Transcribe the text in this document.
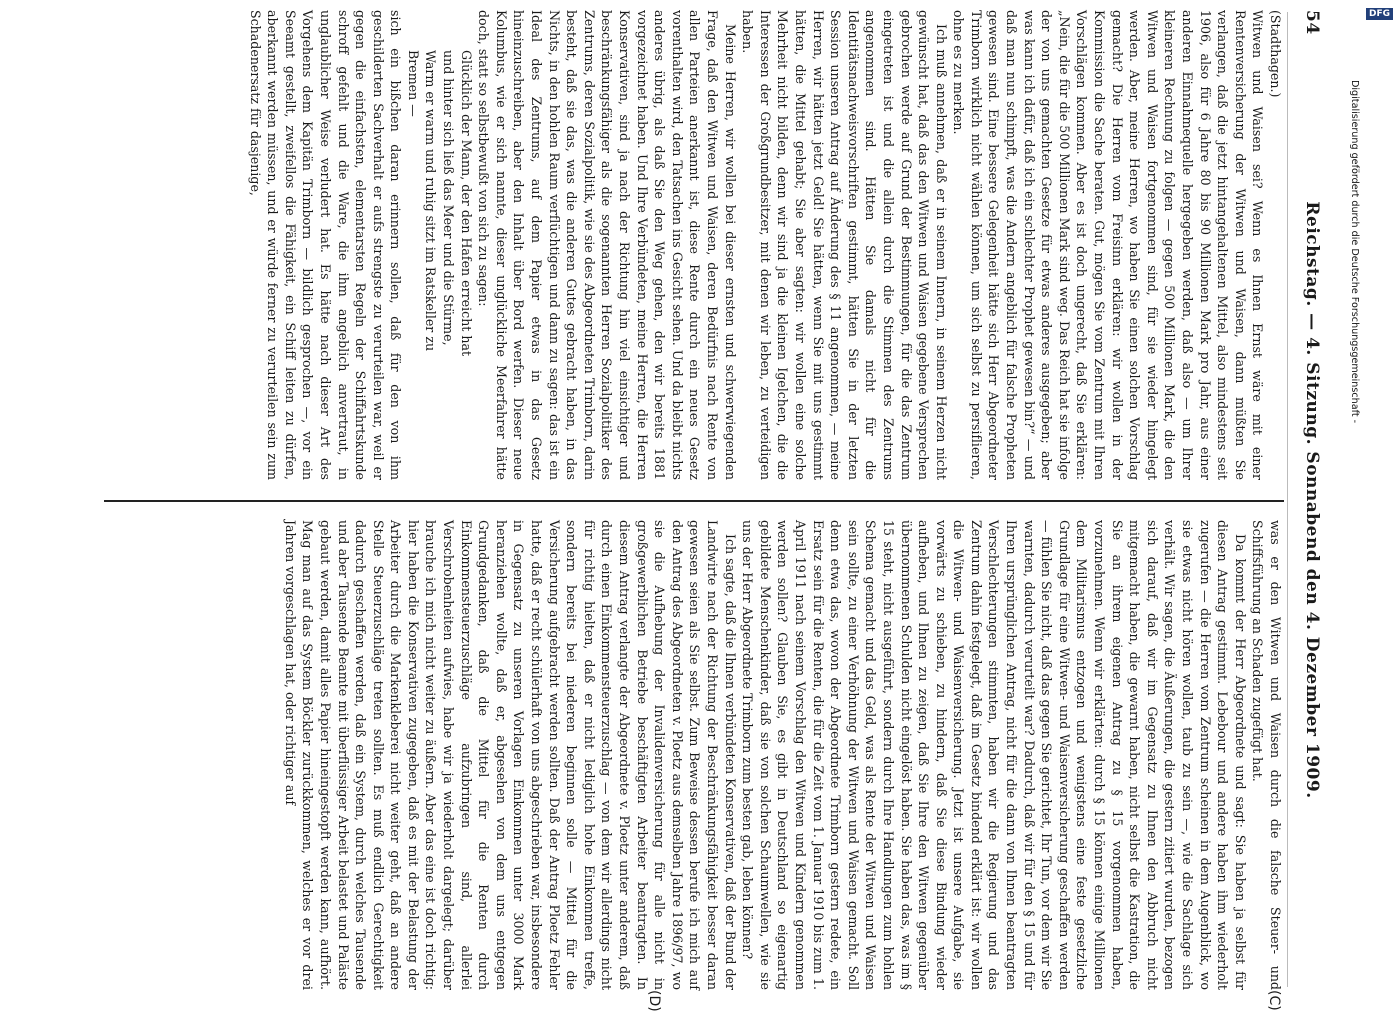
Digitalisierung gefördert durch die Deutsche Forschungsgemeinschaft -
DFG
54
Reichstag. — 4. Sitzung. Sonnabend den 4. Dezember 1909.
(C)
(D)

(Stadthagen.)

Witwen und Waisen sei? Wenn es Ihnen Ernst wäre mit einer Rentenversicherung der Witwen und Waisen, dann müßten Sie verlangen, daß die jetzt hintangehaltenen Mittel, also mindestens seit 1906, also für 6 Jahre 80 bis 90 Millionen Mark pro Jahr, aus einer anderen Einnahmequelle hergegeben werden, daß also — um Ihrer kleineren Rechnung zu folgen — gegen 500 Millionen Mark, die den Witwen und Waisen fortgenommen sind, für sie wieder hingelegt werden. Aber, meine Herren, wo haben Sie einen solchen Vorschlag gemacht? Die Herren vom Freisinn erklären: wir wollen in der Kommission die Sache beraten. Gut, mögen Sie vom Zentrum mit Ihren Vorschlägen kommen. Aber es ist doch ungerecht, daß Sie erklären: „Nein, die für die 500 Millionen Mark sind weg. Das Reich hat sie infolge der von uns gemachten Gesetze für etwas anderes ausgegeben; aber was kann ich dafür, daß ich ein schlechter Prophet gewesen bin?“ — und daß man nun schimpft, was die Andern angeblich für falsche Propheten gewesen sind. Eine bessere Gelegenheit hätte sich Herr Abgeordneter Trimborn wirklich nicht wählen können, um sich selbst zu persiflieren, ohne es zu merken.

Ich muß annehmen, daß er in seinem Innern, in seinem Herzen nicht gewünscht hat, daß das den Witwen und Waisen gegebene Versprechen gebrochen werde auf Grund der Bestimmungen, für die das Zentrum eingetreten ist und die allein durch die Stimmen des Zentrums angenommen sind. Hätten Sie damals nicht für die Identitätsnachweisvorschriften gestimmt, hätten Sie in der letzten Session unseren Antrag auf Änderung des § 11 angenommen, — meine Herren, wir hätten jetzt Geld! Sie hätten, wenn Sie mit uns gestimmt hätten, die Mittel gehabt; Sie aber sagten: wir wollen eine solche Mehrheit nicht bilden, denn wir sind ja die kleinen Igelchen, die die Interessen der Großgrundbesitzer, mit denen wir leben, zu verteidigen haben.

Meine Herren, wir wollen bei dieser ernsten und schwerwiegenden Frage, daß den Witwen und Waisen, deren Bedürfnis nach Rente von allen Parteien anerkannt ist, diese Rente durch ein neues Gesetz vorenthalten wird, den Tatsachen ins Gesicht sehen. Und da bleibt nichts anderes übrig, als daß Sie den Weg gehen, den wir bereits 1881 vorgezeichnet haben. Und Ihre Verbündeten, meine Herren, die Herren Konservativen, sind ja nach der Richtung hin viel einsichtiger und beschränkungsfähiger als die sogenannten Herren Sozialpolitiker des Zentrums, deren Sozialpolitik, wie sie des Abgeordneten Trimborn, darin besteht, daß sie das, was die anderen Gutes gebracht haben, in das Nichts, in den hohlen Raum verflüchtigen und dann zu sagen: das ist ein Ideal des Zentrums, auf dem Papier etwas in das Gesetz hineinzuschreiben, aber den Inhalt über Bord werfen. Dieser neue Kolumbus, wie er sich nannte, dieser unglückliche Meerfahrer hätte doch, statt so selbstbewußt von sich zu sagen:

Glücklich der Mann, der den Hafen erreicht hat

und hinter sich ließ das Meer und die Stürme,

Warm er warm und ruhig sitzt im Ratskeller zu

Bremen —

sich ein bißchen daran erinnern sollen, daß für den von ihm geschilderten Sachverhalt er aufs strengste zu verurteilen war, weil er gegen die einfachsten, elementarsten Regeln der Schiffahrtskunde schroff gefehlt und die Ware, die ihm angeblich anvertraut, in unglaublicher Weise verludert hat. Es hätte nach dieser Art des Vorgehens dem Kapitän Trimborn — bildlich gesprochen —, vor ein Seeamt gestellt, zweifellos die Fähigkeit, ein Schiff leiten zu dürfen, aberkannt werden müssen, und er würde ferner zu verurteilen sein zum Schadenersatz für dasjenige,

was er den Witwen und Waisen durch die falsche Steuer- und Schiffsführung an Schaden zugefügt hat.

Da kommt der Herr Abgeordnete und sagt: Sie haben ja selbst für diesen Antrag gestimmt. Lebebour und andere haben ihm wiederholt zugerufen — die Herren vom Zentrum scheinen in dem Augenblick, wo sie etwas nicht hören wollen, taub zu sein —, wie die Sachlage sich verhält. Wir sagen, die Äußerungen, die gestern zitiert wurden, bezogen sich darauf, daß wir im Gegensatz zu Ihnen den Abbruch nicht mitgemacht haben, die gewarnt haben, nicht selbst die Kastration, die Sie an ihrem eigenen Antrag zu § 15 vorgenommen haben, vorzunehmen. Wenn wir erklärten: durch § 15 können einige Millionen dem Militarismus entzogen und wenigstens eine feste gesetzliche Grundlage für eine Witwen- und Waisenversicherung geschaffen werden — fühlen Sie nicht, daß das gegen Sie gerichtet, Ihr Tun, vor dem wir Sie warnten, dadurch verurteilt war? Dadurch, daß wir für den § 15 und für Ihren ursprünglichen Antrag, nicht für die dann von Ihnen beantragten Verschlechterungen stimmten, haben wir die Regierung und das Zentrum dahin festgelegt, daß im Gesetz bindend erklärt ist: wir wollen die Witwen- und Waisenversicherung. Jetzt ist unsere Aufgabe, sie vorwärts zu schieben, zu hindern, daß Sie diese Bindung wieder aufheben, und Ihnen zu zeigen, daß Sie Ihre den Witwen gegenüber übernommenen Schulden nicht eingelöst haben. Sie haben das, was im § 15 steht, nicht ausgeführt, sondern durch Ihre Handlungen zum hohlen Schema gemacht und das Geld, was als Rente der Witwen und Waisen sein sollte, zu einer Verhöhnung der Witwen und Waisen gemacht. Soll denn etwa das, wovon der Abgeordnete Trimborn gestern redete, ein Ersatz sein für die Renten, die für die Zeit vom 1. Januar 1910 bis zum 1. April 1911 nach seinem Vorschlag den Witwen und Kindern genommen werden sollen? Glauben Sie, es gibt in Deutschland so eigenartig gebildete Menschenkinder, daß sie von solchen Schaumwellen, wie sie uns der Herr Abgeordnete Trimborn zum besten gab, leben können?

Ich sagte, daß die Ihnen verbündeten Konservativen, daß der Bund der Landwirte nach der Richtung der Beschränkungsfähigkeit besser daran gewesen seien als Sie selbst. Zum Beweise dessen berufe ich mich auf den Antrag des Abgeordneten v. Ploetz aus demselben Jahre 1896/97, wo sie die Aufhebung der Invalidenversicherung für alle nicht in großgewerblichen Betriebe beschäftigten Arbeiter beantragten. In diesem Antrag verlangte der Abgeordnete v. Ploetz unter anderem, daß durch einen Einkommensteuerzuschlag — von dem wir allerdings nicht für richtig hielten, daß er nicht lediglich hohe Einkommen treffe, sondern bereits bei niederen beginnen solle — Mittel für die Versicherung aufgebracht werden sollten. Daß der Antrag Ploetz Fehler hatte, daß er recht schülerhaft von uns abgeschrieben war, insbesondere in Gegensatz zu unseren Vorlagen Einkommen unter 3000 Mark heranziehen wollte, daß er, abgesehen von dem uns entgegen Grundgedanken, daß die Mittel für die Renten durch Einkommensteuerzuschläge aufzubringen sind, allerlei Verschrobenheiten aufwies, habe wir ja wiederholt dargelegt; darüber brauche ich mich nicht weiter zu äußern. Aber das eine ist doch richtig: hier haben die Konservativen zugegeben, daß es mit der Belastung der Arbeiter durch die Markenkleberei nicht weiter geht, daß an andere Stelle Steuerzuschläge treten sollten. Es muß endlich Gerechtigkeit dadurch geschaffen werden, daß ein System, durch welches Tausende und aber Tausende Beamte mit überflüssiger Arbeit belastet und Paläste gebaut werden, damit alles Papier hineingestopft werden kann, aufhört. Mag man auf das System Böckler zurückkommen, welches er vor drei Jahren vorgeschlagen hat, oder richtiger auf
